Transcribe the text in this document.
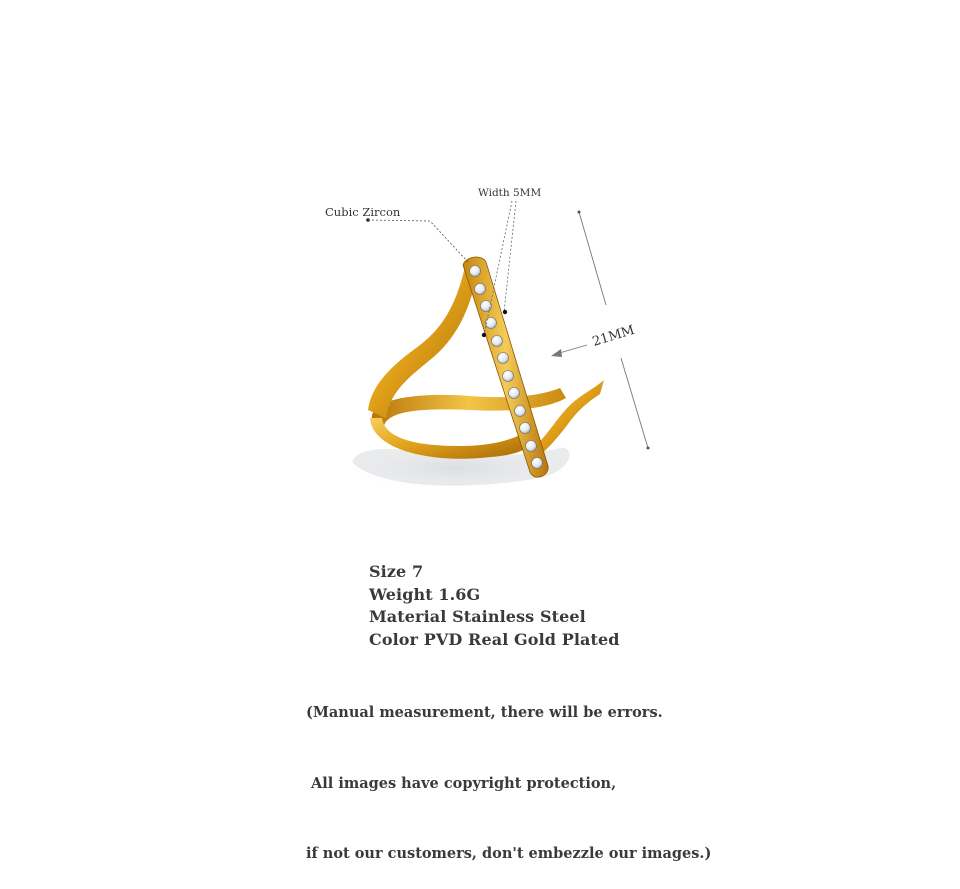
Cubic Zircon
Width 5MM
21MM
Size 7
Weight 1.6G
Material Stainless Steel
Color PVD Real Gold Plated

(Manual measurement, there will be errors.

All images have copyright protection,

if not our customers, don't embezzle our images.)
